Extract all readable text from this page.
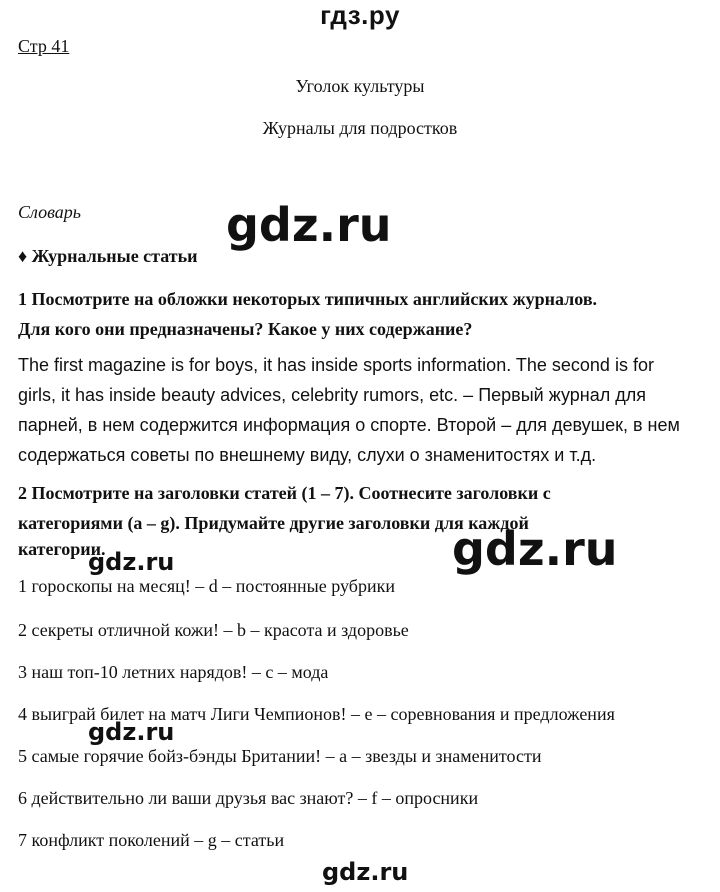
гдз.ру
Стр 41
Уголок культуры
Журналы для подростков
Словарь
♦ Журнальные статьи
1 Посмотрите на обложки некоторых типичных английских журналов.
Для кого они предназначены? Какое у них содержание?
The first magazine is for boys, it has inside sports information. The second is for
girls, it has inside beauty advices, celebrity rumors, etc. – Первый журнал для
парней, в нем содержится информация о спорте. Второй – для девушек, в нем
содержаться советы по внешнему виду, слухи о знаменитостях и т.д.
2 Посмотрите на заголовки статей (1 – 7). Соотнесите заголовки с
категориями (a – g). Придумайте другие заголовки для каждой
категории.
1 гороскопы на месяц! – d – постоянные рубрики
2 секреты отличной кожи! – b – красота и здоровье
3 наш топ-10 летних нарядов! – c – мода
4 выиграй билет на матч Лиги Чемпионов! – e – соревнования и предложения
5 самые горячие бойз-бэнды Британии! – a – звезды и знаменитости
6 действительно ли ваши друзья вас знают? – f – опросники
7 конфликт поколений – g – статьи
gdz.ru
gdz.ru
gdz.ru
gdz.ru
gdz.ru
